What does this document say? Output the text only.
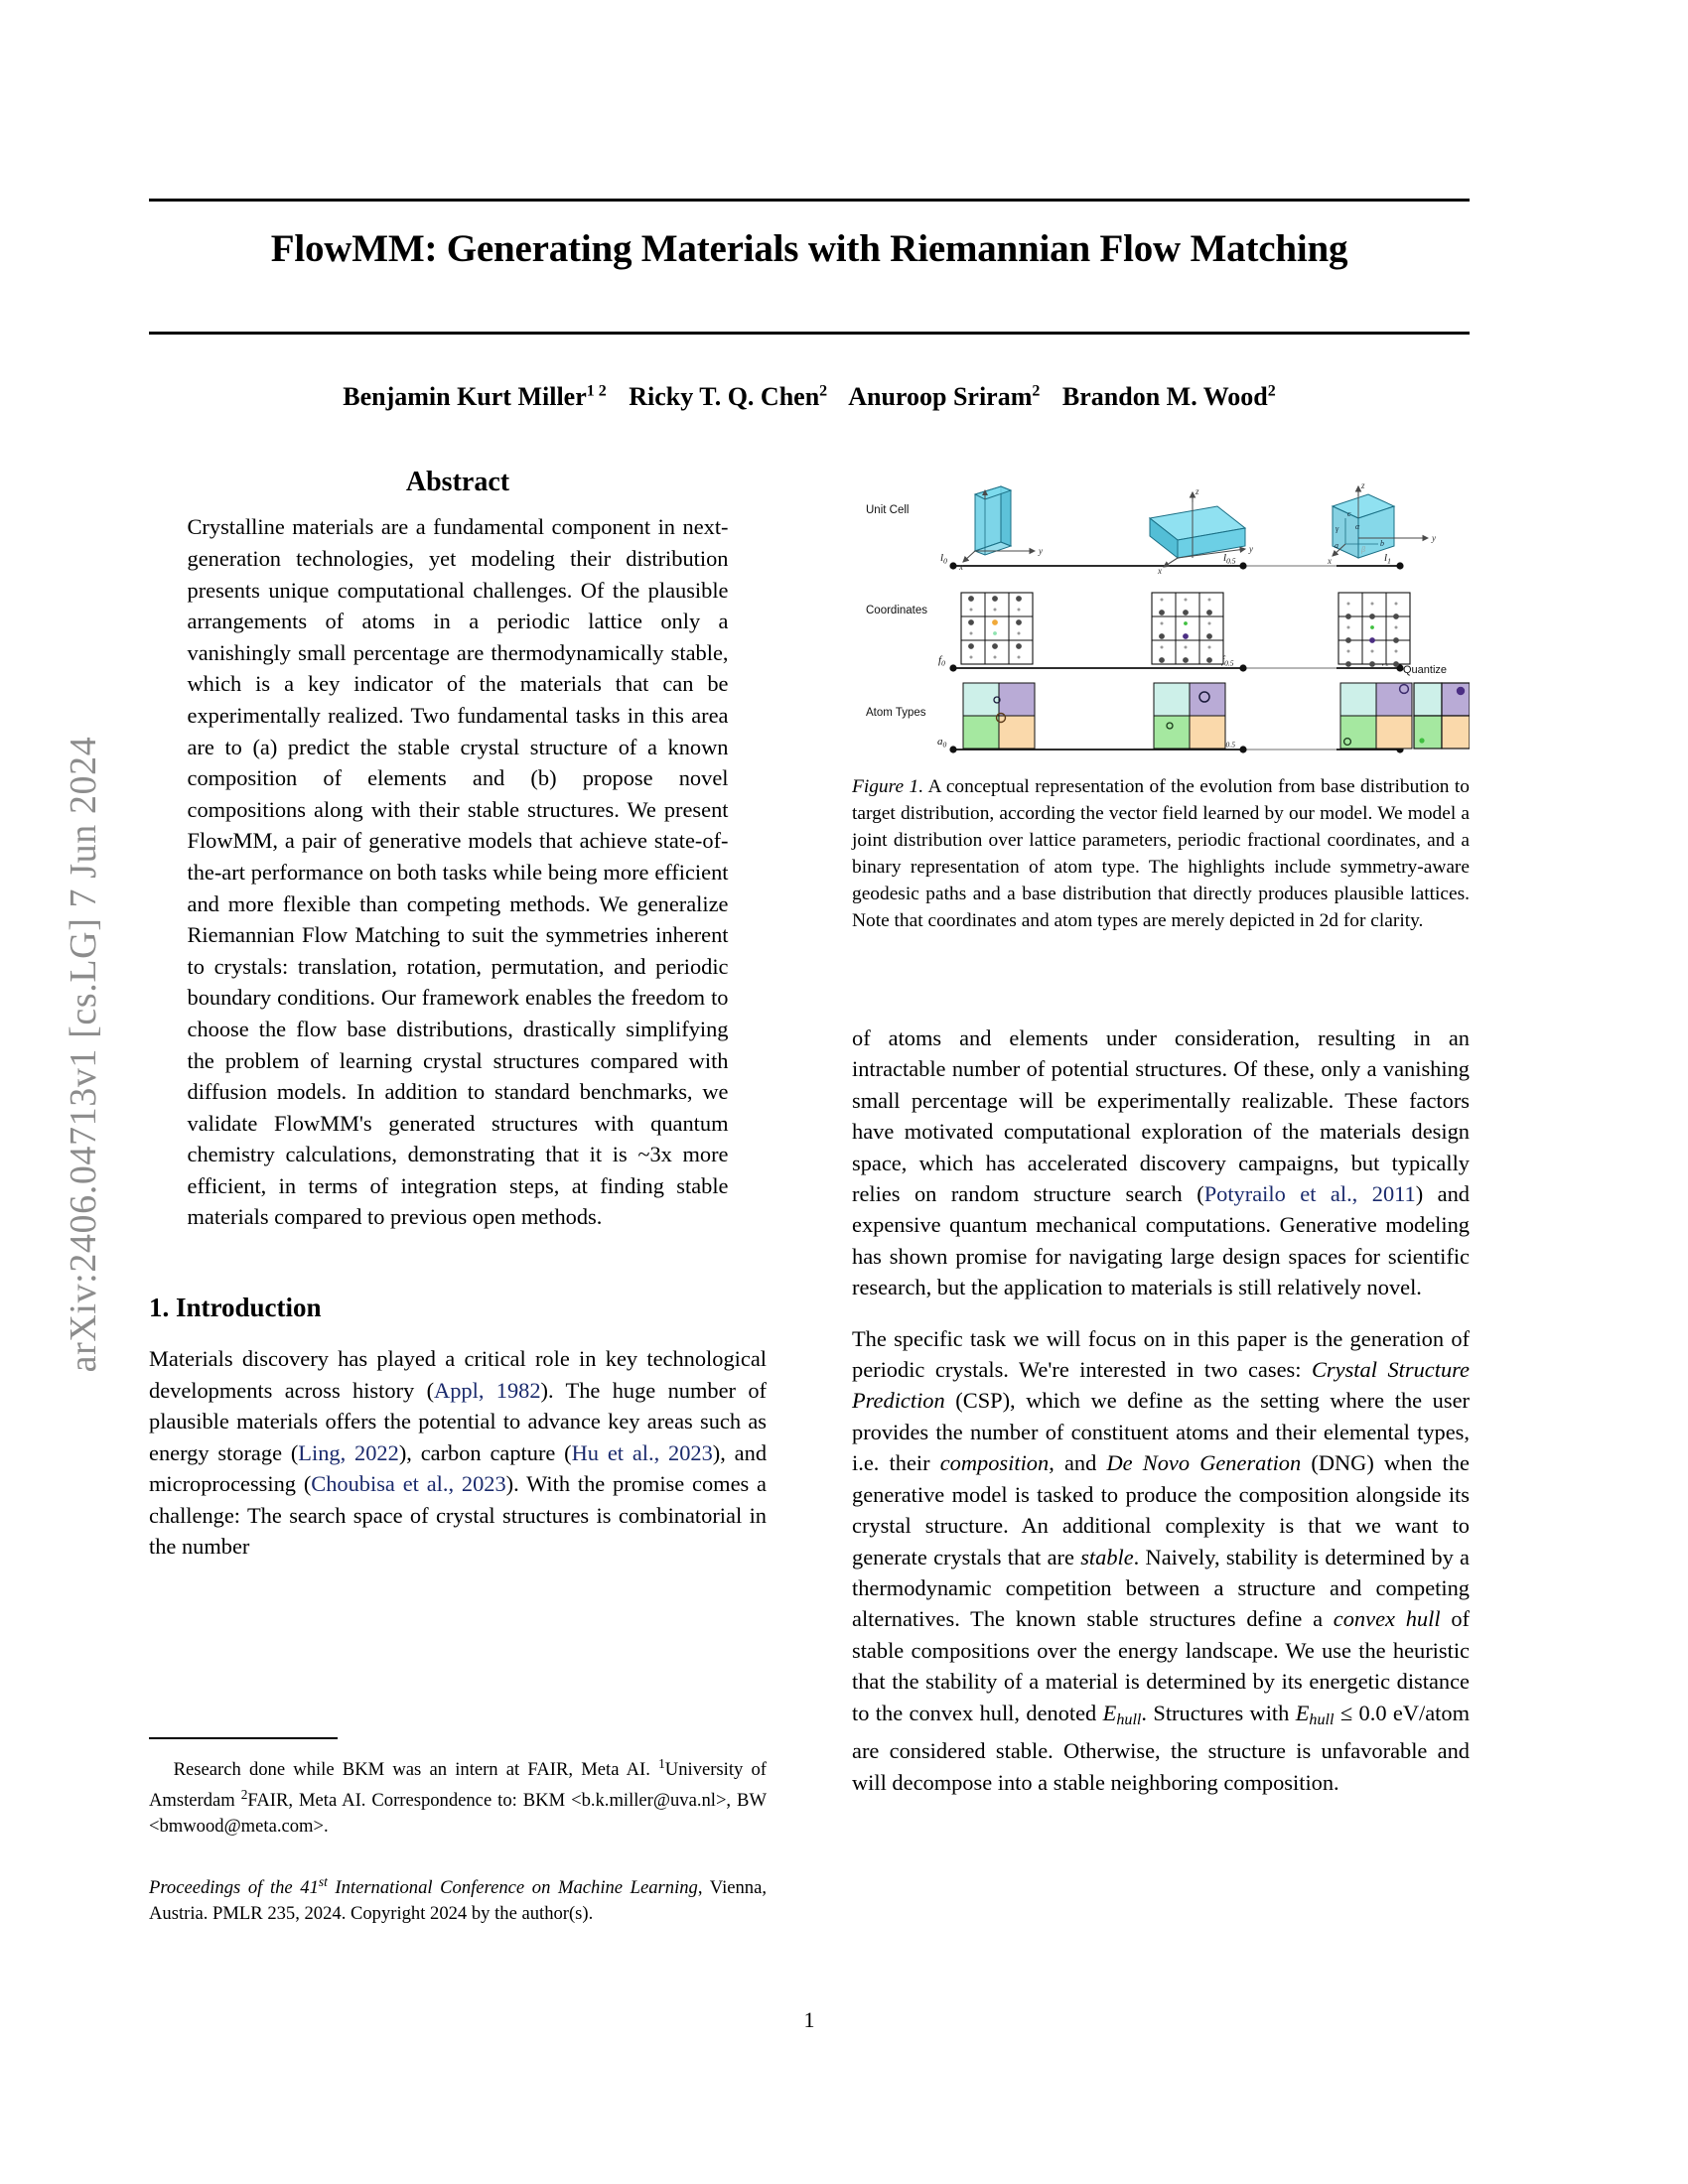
arXiv:2406.04713v1 [cs.LG] 7 Jun 2024
FlowMM: Generating Materials with Riemannian Flow Matching
Benjamin Kurt Miller$^{1 2}$ Ricky T. Q. Chen$^2$ Anuroop Sriram$^2$ Brandon M. Wood$^2$
Abstract
Crystalline materials are a fundamental component in next-generation technologies, yet modeling their distribution presents unique computational challenges. Of the plausible arrangements of atoms in a periodic lattice only a vanishingly small percentage are thermodynamically stable, which is a key indicator of the materials that can be experimentally realized. Two fundamental tasks in this area are to (a) predict the stable crystal structure of a known composition of elements and (b) propose novel compositions along with their stable structures. We present FlowMM, a pair of generative models that achieve state-of-the-art performance on both tasks while being more efficient and more flexible than competing methods. We generalize Riemannian Flow Matching to suit the symmetries inherent to crystals: translation, rotation, permutation, and periodic boundary conditions. Our framework enables the freedom to choose the flow base distributions, drastically simplifying the problem of learning crystal structures compared with diffusion models. In addition to standard benchmarks, we validate FlowMM's generated structures with quantum chemistry calculations, demonstrating that it is ~3x more efficient, in terms of integration steps, at finding stable materials compared to previous open methods.
1. Introduction

Materials discovery has played a critical role in key technological developments across history (Appl, 1982). The huge number of plausible materials offers the potential to advance key areas such as energy storage (Ling, 2022), carbon capture (Hu et al., 2023), and microprocessing (Choubisa et al., 2023). With the promise comes a challenge: The search space of crystal structures is combinatorial in the number

Research done while BKM was an intern at FAIR, Meta AI. $^1$University of Amsterdam $^2$FAIR, Meta AI. Correspondence to: BKM <b.k.miller@uva.nl>, BW <bmwood@meta.com>.
Proceedings of the 41st International Conference on Machine Learning, Vienna, Austria. PMLR 235, 2024. Copyright 2024 by the author(s).
Unit Cell
$l_0$	$l_{0.5}$	$l_1$
y
x
z
y
x
z
y
x
c
a	b
α
β
γ
Coordinates
$f_0$	$_{0.5}$
Atom Types
$a_0$	$_{0.5}$
Quantize
Figure 1. A conceptual representation of the evolution from base distribution to target distribution, according the vector field learned by our model. We model a joint distribution over lattice parameters, periodic fractional coordinates, and a binary representation of atom type. The highlights include symmetry-aware geodesic paths and a base distribution that directly produces plausible lattices. Note that coordinates and atom types are merely depicted in 2d for clarity.

of atoms and elements under consideration, resulting in an intractable number of potential structures. Of these, only a vanishing small percentage will be experimentally realizable. These factors have motivated computational exploration of the materials design space, which has accelerated discovery campaigns, but typically relies on random structure search (Potyrailo et al., 2011) and expensive quantum mechanical computations. Generative modeling has shown promise for navigating large design spaces for scientific research, but the application to materials is still relatively novel.

The specific task we will focus on in this paper is the generation of periodic crystals. We're interested in two cases: Crystal Structure Prediction (CSP), which we define as the setting where the user provides the number of constituent atoms and their elemental types, i.e. their composition, and De Novo Generation (DNG) when the generative model is tasked to produce the composition alongside its crystal structure. An additional complexity is that we want to generate crystals that are stable. Naively, stability is determined by a thermodynamic competition between a structure and competing alternatives. The known stable structures define a convex hull of stable compositions over the energy landscape. We use the heuristic that the stability of a material is determined by its energetic distance to the convex hull, denoted $E_{hull}$. Structures with $E_{hull} \le 0.0$ eV/atom are considered stable. Otherwise, the structure is unfavorable and will decompose into a stable neighboring composition.

1
